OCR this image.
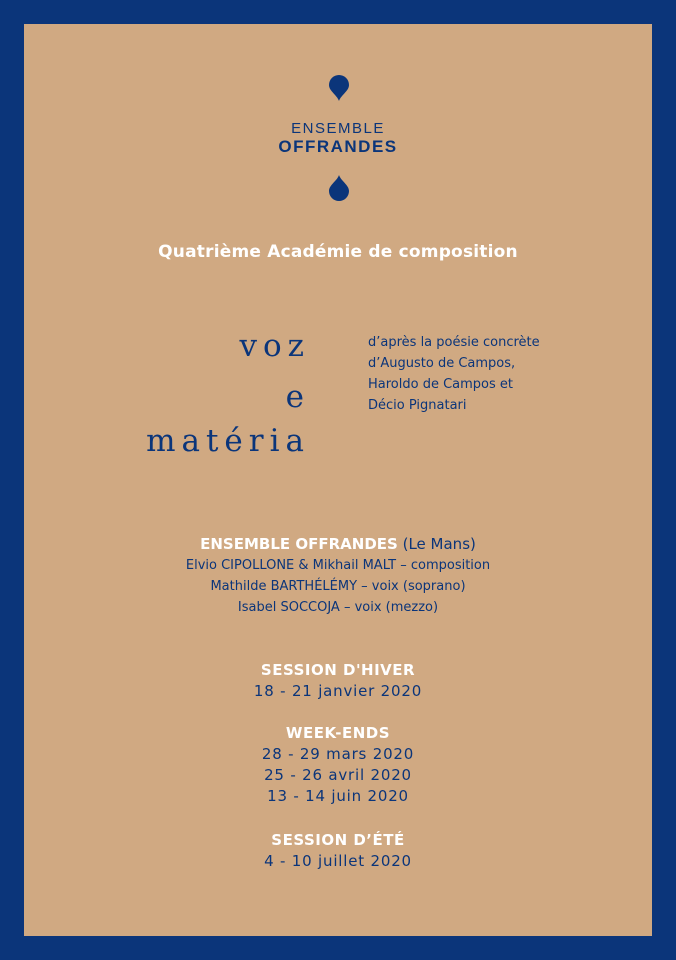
ENSEMBLE
OFFRANDES
Quatrième Académie de composition
voz
e
matéria
d’après la poésie concrète
d’Augusto de Campos,
Haroldo de Campos et
Décio Pignatari
ENSEMBLE OFFRANDES (Le Mans)
Elvio CIPOLLONE & Mikhail MALT – composition
Mathilde BARTHÉLÉMY – voix (soprano)
Isabel SOCCOJA – voix (mezzo)
SESSION D'HIVER
18 - 21 janvier 2020
WEEK-ENDS
28 - 29 mars 2020
25 - 26 avril 2020
13 - 14 juin 2020
SESSION D’ÉTÉ
4 - 10 juillet 2020
